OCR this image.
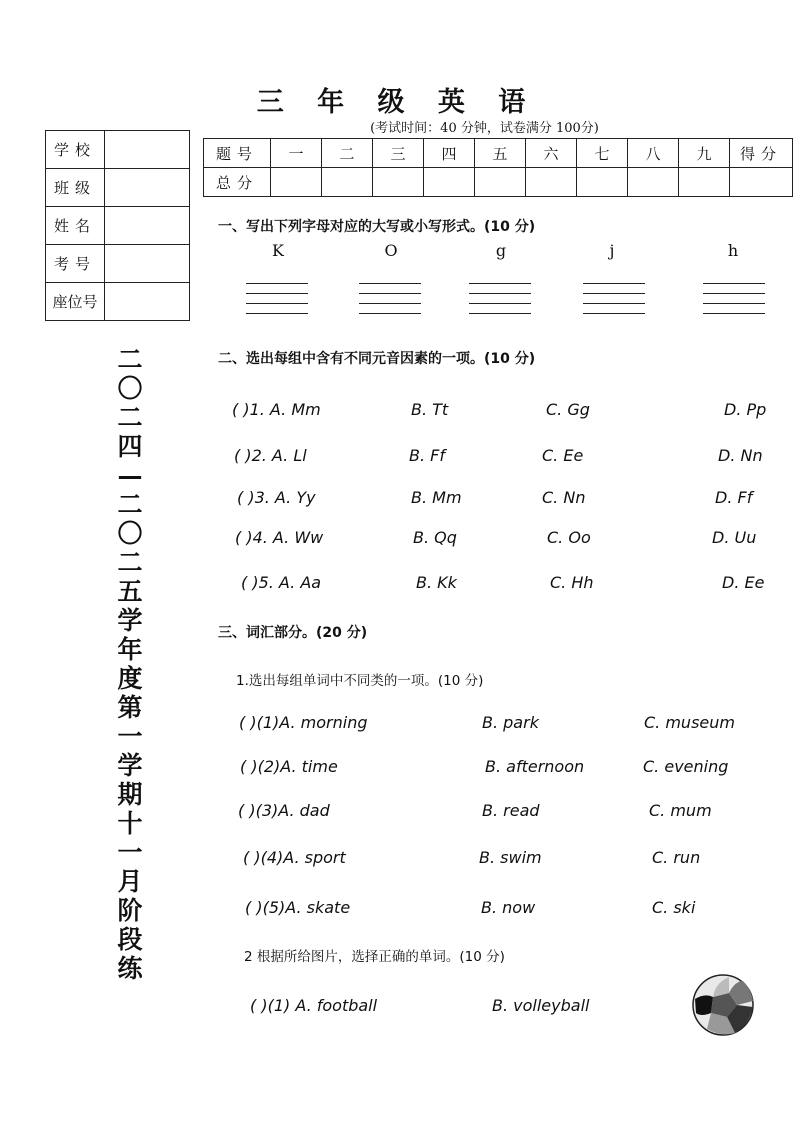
三 年 级 英 语
(考试时间：40 分钟，试卷满分 100分)
学校	
班级	
姓名	
考号	
座位号	
题号	一	二	三	四	五	六	七	八	九	得分
总分										
二〇二四—二〇二五学年度第一学期十一月阶段练
一、写出下列字母对应的大写或小写形式。(10 分)
K	O	g	j	h
二、选出每组中含有不同元音因素的一项。(10 分)
( )1. A. Mm	B. Tt	C. Gg	D. Pp
( )2. A. Ll	B. Ff	C. Ee	D. Nn
( )3. A. Yy	B. Mm	C. Nn	D. Ff
( )4. A. Ww	B. Qq	C. Oo	D. Uu
( )5. A. Aa	B. Kk	C. Hh	D. Ee
三、词汇部分。(20 分)
1.选出每组单词中不同类的一项。(10 分)
( )(1)A. morning	B. park	C. museum
( )(2)A. time	B. afternoon	C. evening
( )(3)A. dad	B. read	C. mum
( )(4)A. sport	B. swim	C. run
( )(5)A. skate	B. now	C. ski
2 根据所给图片，选择正确的单词。(10 分)
( )(1) A. football	B. volleyball
